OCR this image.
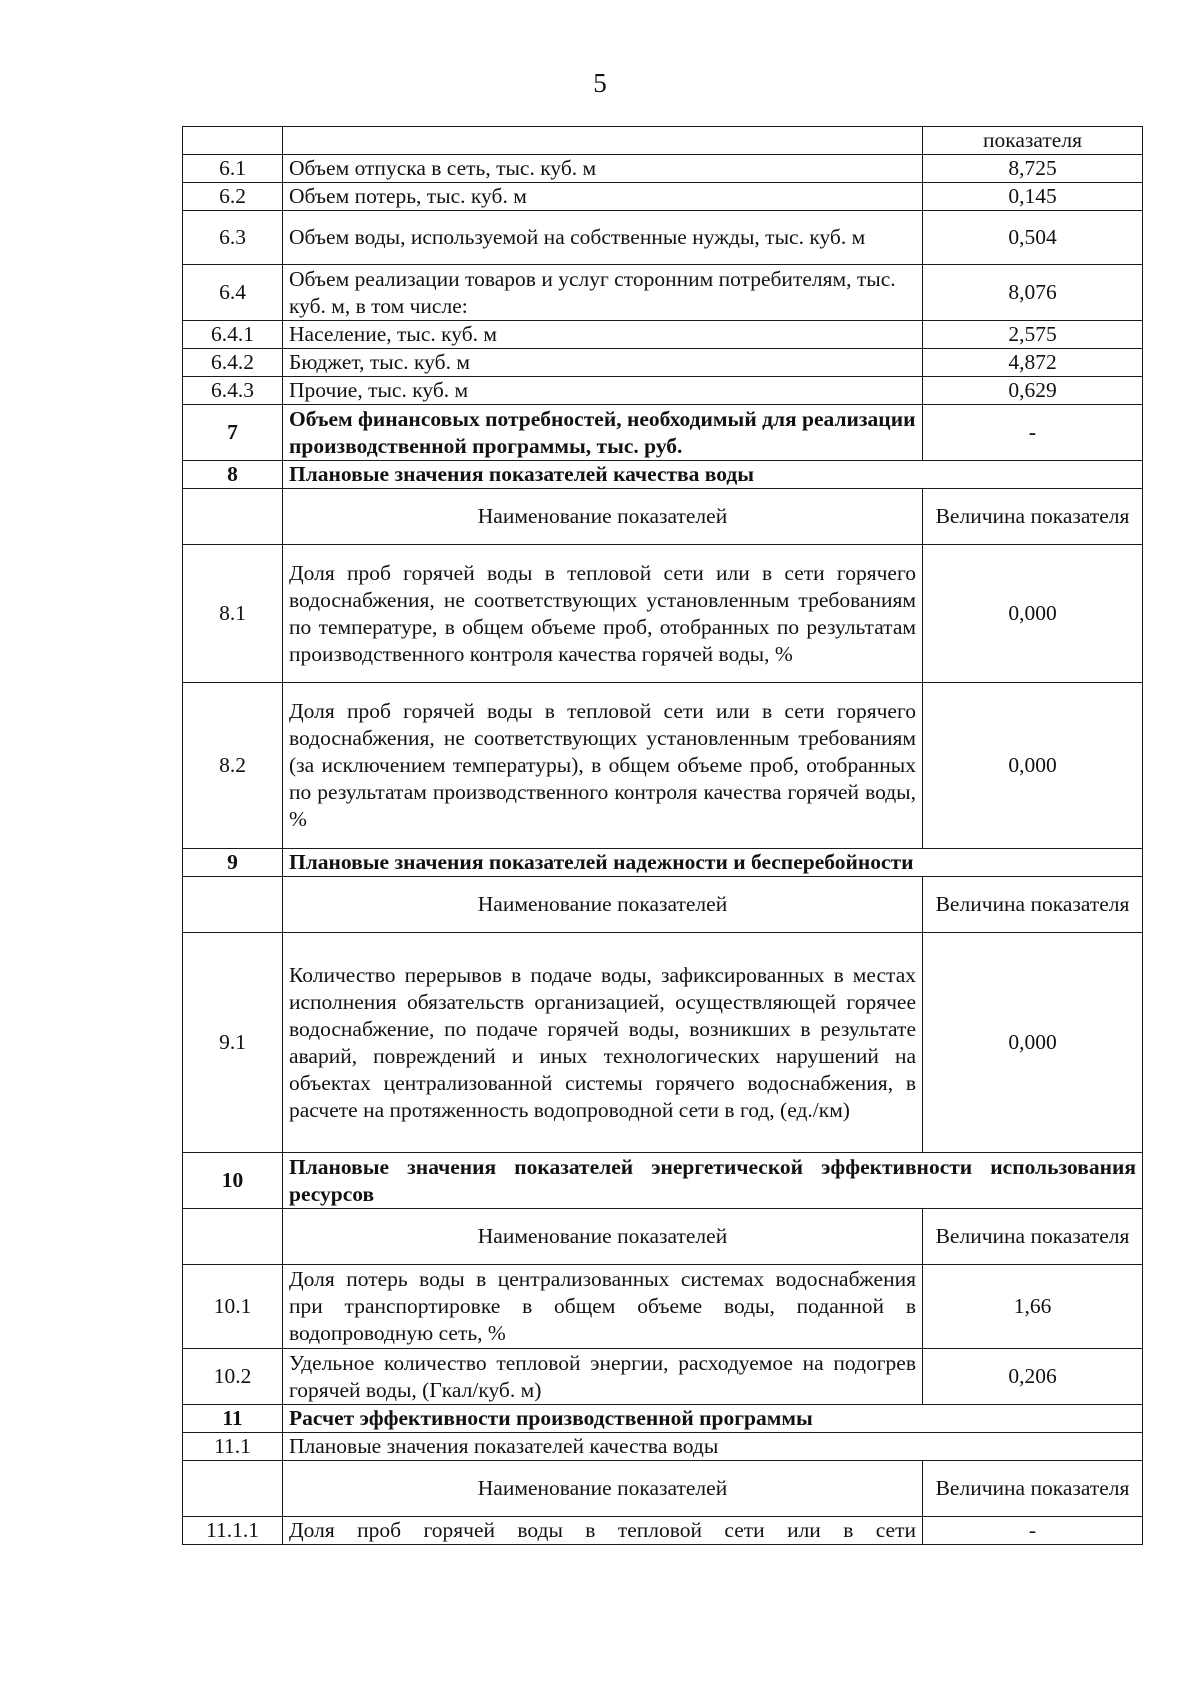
5
		показателя
6.1	Объем отпуска в сеть, тыс. куб. м	8,725
6.2	Объем потерь, тыс. куб. м	0,145
6.3	Объем воды, используемой на собственные нужды, тыс. куб. м	0,504
6.4	Объем реализации товаров и услуг сторонним потребителям, тыс. куб. м, в том числе:	8,076
6.4.1	Население, тыс. куб. м	2,575
6.4.2	Бюджет, тыс. куб. м	4,872
6.4.3	Прочие, тыс. куб. м	0,629
7	Объем финансовых потребностей, необходимый для реализации производственной программы, тыс. руб.	-
8	Плановые значения показателей качества воды	
	Наименование показателей	Величина показателя
8.1	Доля проб горячей воды в тепловой сети или в сети горячего водоснабжения, не соответствующих установленным требованиям по температуре, в общем объеме проб, отобранных по результатам производственного контроля качества горячей воды, %	0,000
8.2	Доля проб горячей воды в тепловой сети или в сети горячего водоснабжения, не соответствующих установленным требованиям (за исключением температуры), в общем объеме проб, отобранных по результатам производственного контроля качества горячей воды, %	0,000
9	Плановые значения показателей надежности и бесперебойности	
	Наименование показателей	Величина показателя
9.1	Количество перерывов в подаче воды, зафиксированных в местах исполнения обязательств организацией, осуществляющей горячее водоснабжение, по подаче горячей воды, возникших в результате аварий, повреждений и иных технологических нарушений на объектах централизованной системы горячего водоснабжения, в расчете на протяженность водопроводной сети в год, (ед./км)	0,000
10	Плановые значения показателей энергетической эффективности использования ресурсов	

	Наименование показателей	Величина показателя
10.1	Доля потерь воды в централизованных системах водоснабжения при транспортировке в общем объеме воды, поданной в водопроводную сеть, %	1,66
10.2	Удельное количество тепловой энергии, расходуемое на подогрев горячей воды, (Гкал/куб. м)	0,206
11	Расчет эффективности производственной программы	
11.1	Плановые значения показателей качества воды	
	Наименование показателей	Величина показателя
11.1.1	Доля проб горячей воды в тепловой сети или в сети	-
